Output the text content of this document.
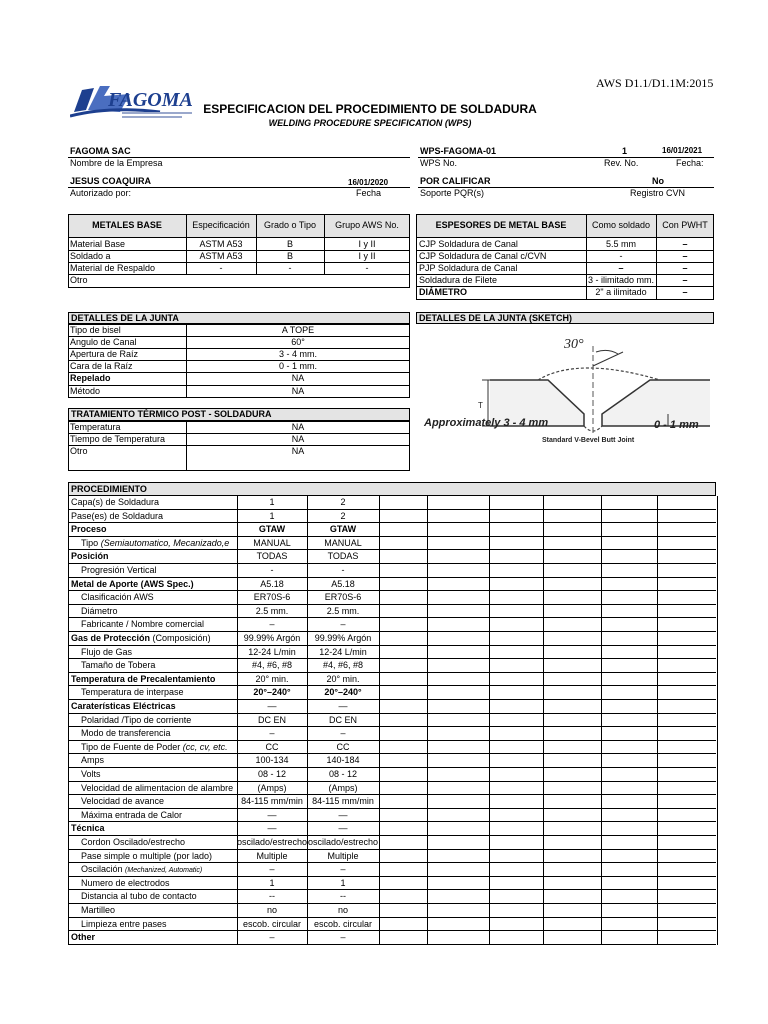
FAGOMA
AWS D1.1/D1.1M:2015
ESPECIFICACION DEL PROCEDIMIENTO DE SOLDADURA
WELDING PROCEDURE SPECIFICATION (WPS)
FAGOMA SAC
Nombre de la Empresa
WPS-FAGOMA-01
WPS No.
1
Rev. No.
16/01/2021
Fecha:
JESUS COAQUIRA
Autorizado por:
16/01/2020
Fecha
POR CALIFICAR
Soporte PQR(s)
No
Registro CVN
METALES BASE	Especificación	Grado o Tipo	Grupo AWS No.
Material Base	ASTM A53	B	I y II
Soldado a	ASTM A53	B	I y II
Material de Respaldo	-	-	-
Otro
ESPESORES DE METAL BASE	Como soldado	Con PWHT
CJP Soldadura de Canal	5.5 mm	–
CJP Soldadura de Canal c/CVN	-	–
PJP Soldadura de Canal	–	–
Soldadura de Filete	3 - ilimitado mm.	–
DIÁMETRO	2" a ilimitado	–
DETALLES DE LA JUNTA
Tipo de bisel	A TOPE
Angulo de Canal	60°
Apertura de Raíz	3 - 4 mm.
Cara de la Raíz	0 - 1 mm.
Repelado	NA
Método	NA
DETALLES DE LA JUNTA (SKETCH)
30°
T
Approximately 3 - 4 mm	0 - 1 mm
Standard V-Bevel Butt Joint
TRATAMIENTO TÉRMICO POST - SOLDADURA
Temperatura	NA
Tiempo de Temperatura	NA
Otro	NA
PROCEDIMIENTO
Capa(s) de Soldadura	1	2
Pase(es) de Soldadura	1	2
Proceso	GTAW	GTAW
Tipo (Semiautomatico, Mecanizado,e	MANUAL	MANUAL
Posición	TODAS	TODAS
Progresión Vertical	-	-
Metal de Aporte (AWS Spec.)	A5.18	A5.18
Clasificación AWS	ER70S-6	ER70S-6
Diámetro	2.5 mm.	2.5 mm.
Fabricante / Nombre comercial	–	–
Gas de Protección (Composición)	99.99% Argón	99.99% Argón
Flujo de Gas	12-24 L/min	12-24 L/min
Tamaño de Tobera	#4, #6, #8	#4, #6, #8
Temperatura de Precalentamiento	20° min.	20° min.
Temperatura de interpase	20°–240°	20°–240°
Caraterísticas Eléctricas	—	—
Polaridad /Tipo de corriente	DC EN	DC EN
Modo de transferencia	–	–
Tipo de Fuente de Poder (cc, cv, etc.	CC	CC
Amps	100-134	140-184
Volts	08 - 12	08 - 12
Velocidad de alimentacion de alambre	(Amps)	(Amps)
Velocidad de avance	84-115 mm/min	84-115 mm/min
Máxima entrada de Calor	—	—
Técnica	—	—
Cordon Oscilado/estrecho	oscilado/estrecho oscilado/estrecho
Pase simple o multiple (por lado)	Multiple	Multiple
Oscilación (Mechanized, Automatic)	–	–
Numero de electrodos	1	1
Distancia al tubo de contacto	--	--
Martilleo	no	no
Limpieza entre pases	escob. circular	escob. circular
Other	–	–
